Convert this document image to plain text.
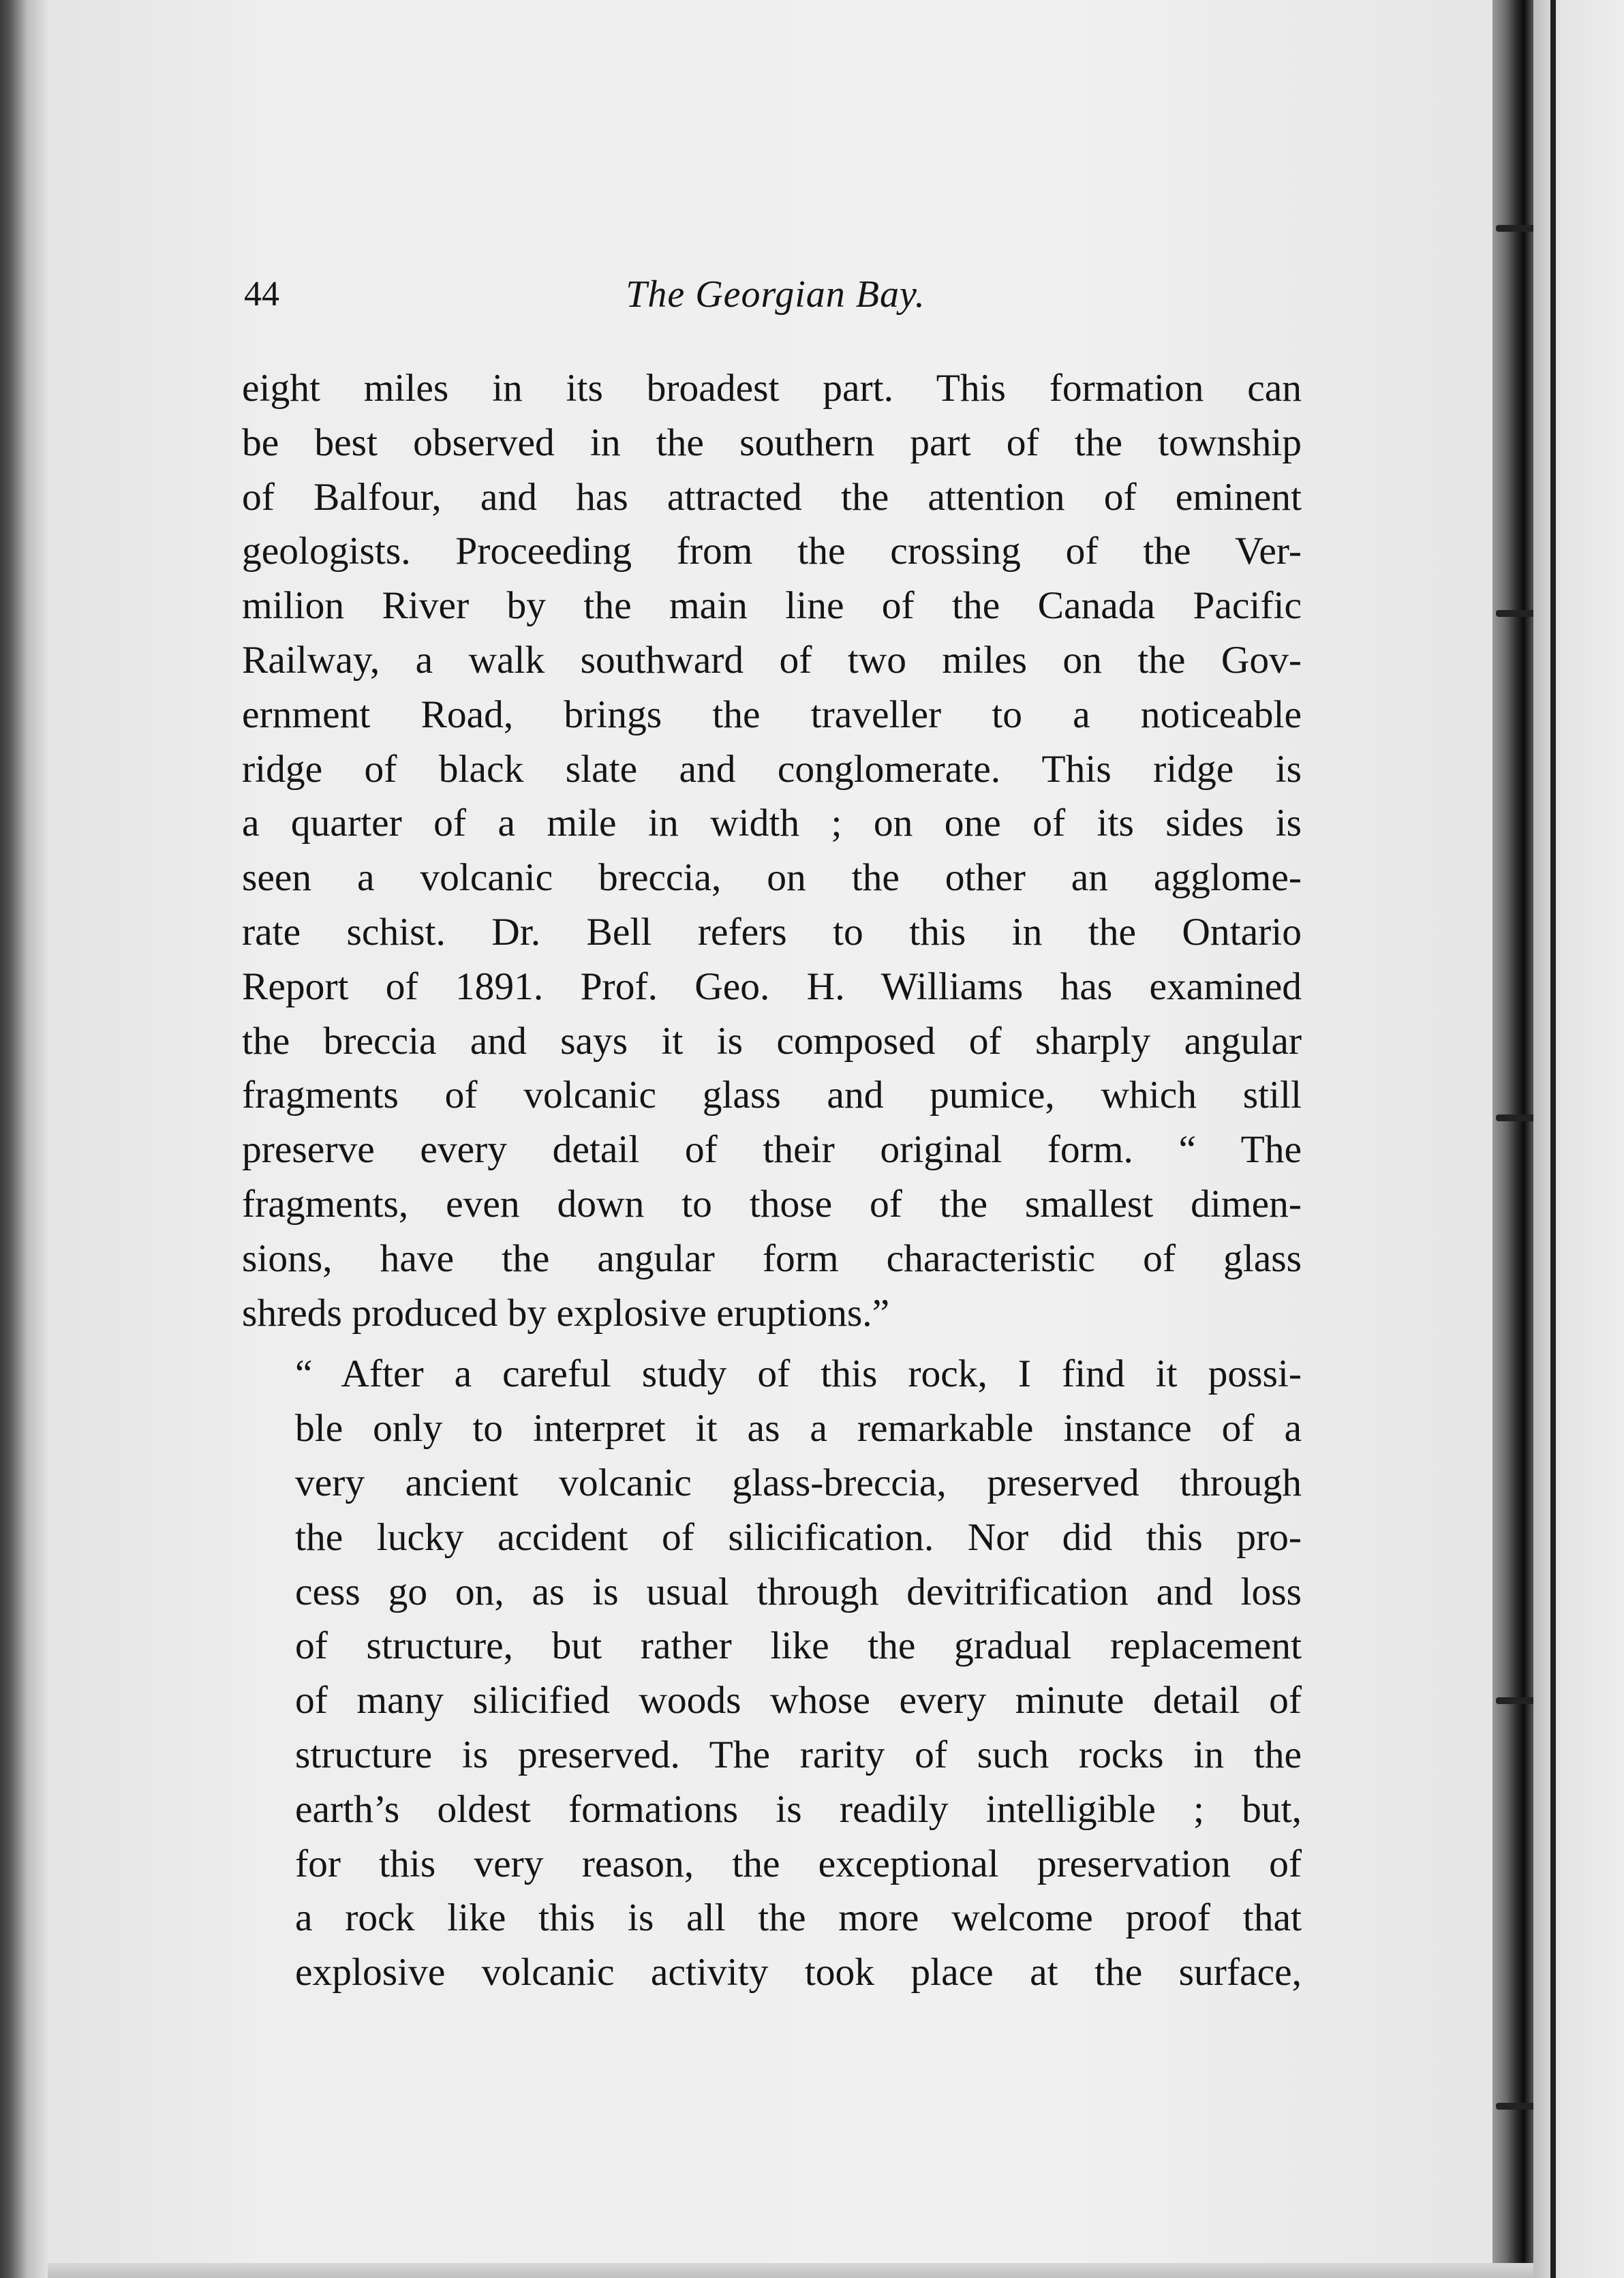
44	The Georgian Bay.

eight miles in its broadest part. This formation can
be best observed in the southern part of the township
of Balfour, and has attracted the attention of eminent
geologists. Proceeding from the crossing of the Ver-
milion River by the main line of the Canada Pacific
Railway, a walk southward of two miles on the Gov-
ernment Road, brings the traveller to a noticeable
ridge of black slate and conglomerate. This ridge is
a quarter of a mile in width ; on one of its sides is
seen a volcanic breccia, on the other an agglome-
rate schist. Dr. Bell refers to this in the Ontario
Report of 1891. Prof. Geo. H. Williams has examined
the breccia and says it is composed of sharply angular
fragments of volcanic glass and pumice, which still
preserve every detail of their original form. “ The
fragments, even down to those of the smallest dimen-
sions, have the angular form characteristic of glass
shreds produced by explosive eruptions.”

“ After a careful study of this rock, I find it possi-
ble only to interpret it as a remarkable instance of a
very ancient volcanic glass-breccia, preserved through
the lucky accident of silicification. Nor did this pro-
cess go on, as is usual through devitrification and loss
of structure, but rather like the gradual replacement
of many silicified woods whose every minute detail of
structure is preserved. The rarity of such rocks in the
earth’s oldest formations is readily intelligible ; but,
for this very reason, the exceptional preservation of
a rock like this is all the more welcome proof that
explosive volcanic activity took place at the surface,
